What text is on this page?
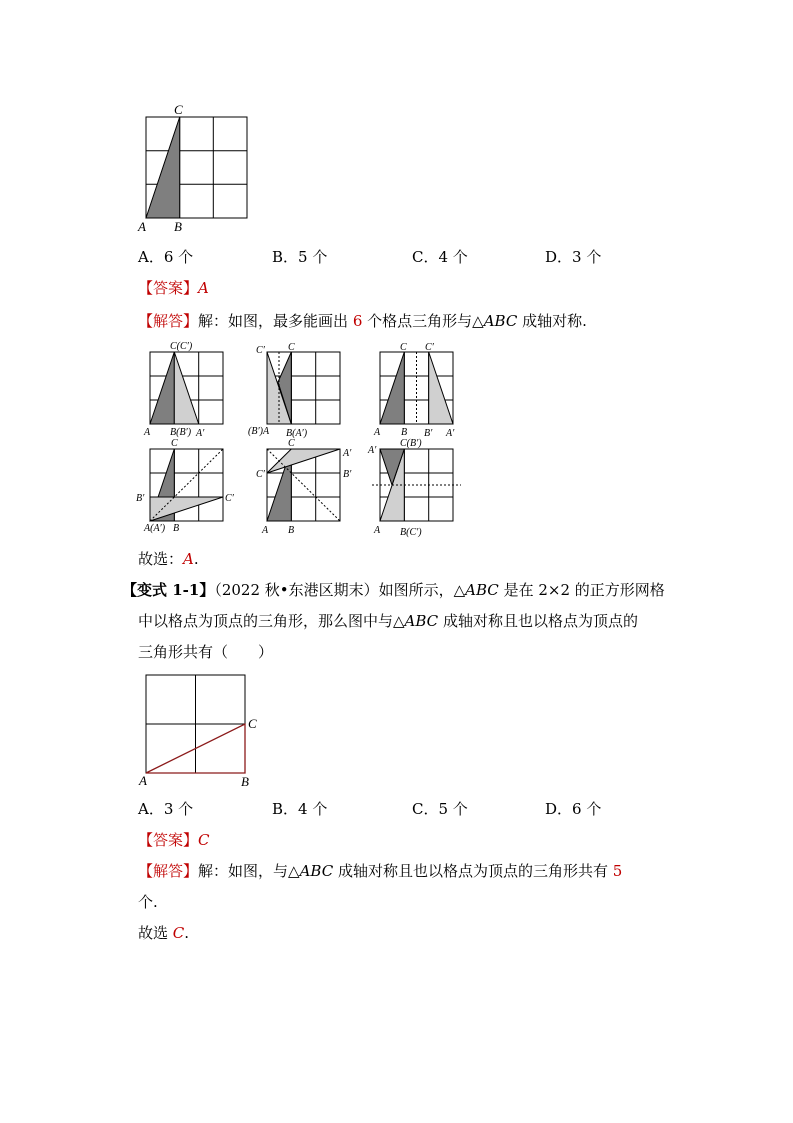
C
A B
A．6 个	B．5 个	C．4 个	D．3 个
【答案】A
【解答】解：如图，最多能画出 6 个格点三角形与△ABC 成轴对称.
C(C′)
A B(B′) A′
C′ C
(B′)A B(A′)
C C′
A B B′ A′
C
B′	C′
A(A′) B
C
A′
C′	B′
A B
A′
C(B′)
A B(C′)
故选：A.
【变式 1-1】（2022 秋•东港区期末）如图所示，△ABC 是在 2×2 的正方形网格
中以格点为顶点的三角形，那么图中与△ABC 成轴对称且也以格点为顶点的
三角形共有（　　）
C
A	B
A．3 个	B．4 个	C．5 个	D．6 个
【答案】C
【解答】解：如图，与△ABC 成轴对称且也以格点为顶点的三角形共有 5
个.
故选 C.
